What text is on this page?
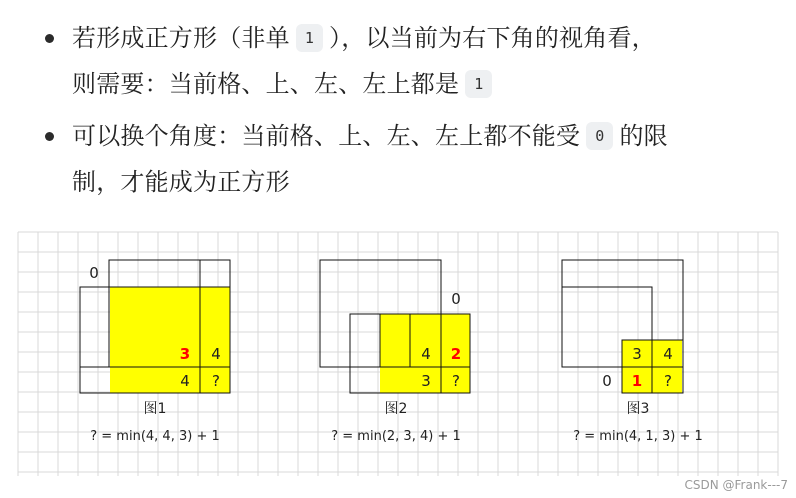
若形成正方形（非单 1 ），以当前为右下角的视角看，
则需要：当前格、上、左、左上都是 1
可以换个角度：当前格、上、左、左上都不能受 0 的限
制，才能成为正方形
0
3 4
4 ?
图1
? = min(4, 4, 3) + 1
0
4 2
3 ?
图2
? = min(2, 3, 4) + 1
3 4
0 1 ?
图3
? = min(4, 1, 3) + 1
CSDN @Frank---7
